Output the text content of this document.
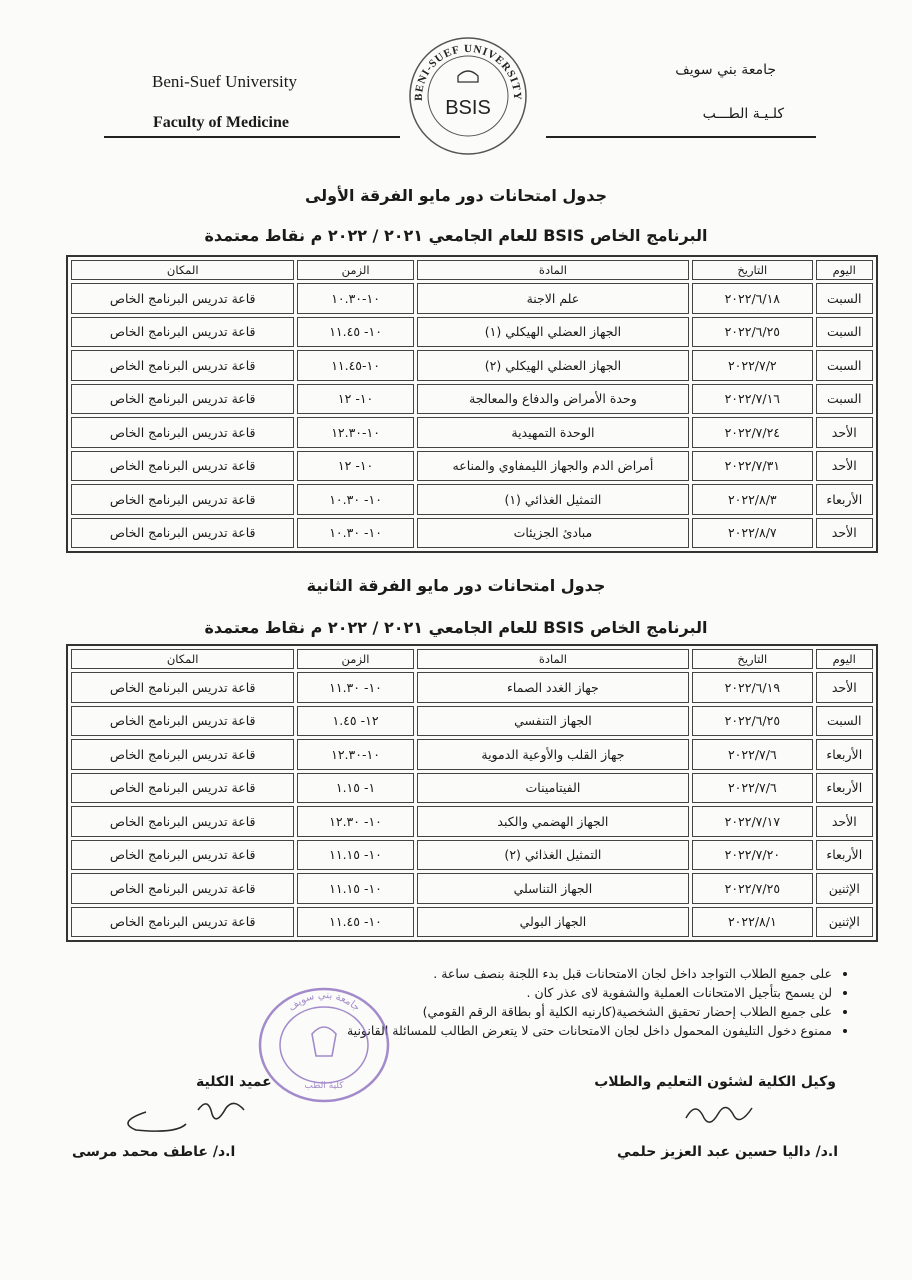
Beni-Suef University
Faculty of Medicine
جامعة بني سويف
كلـيـة الطـــب
BENI-SUEF UNIVERSITY
BSIS
جدول امتحانات دور مايو الفرقة الأولى
البرنامج الخاص BSIS للعام الجامعي ٢٠٢١ / ٢٠٢٢ م نقاط معتمدة
اليوم	التاريخ	المادة	الزمن	المكان
السبت	٢٠٢٢/٦/١٨	علم الاجنة	١٠-١٠.٣٠	قاعة تدريس البرنامج الخاص
السبت	٢٠٢٢/٦/٢٥	الجهاز العضلي الهيكلي (١)	١٠- ١١.٤٥	قاعة تدريس البرنامج الخاص
السبت	٢٠٢٢/٧/٢	الجهاز العضلي الهيكلي (٢)	١٠-١١.٤٥	قاعة تدريس البرنامج الخاص
السبت	٢٠٢٢/٧/١٦	وحدة الأمراض والدفاع والمعالجة	١٠- ١٢	قاعة تدريس البرنامج الخاص
الأحد	٢٠٢٢/٧/٢٤	الوحدة التمهيدية	١٠-١٢.٣٠	قاعة تدريس البرنامج الخاص
الأحد	٢٠٢٢/٧/٣١	أمراض الدم والجهاز الليمفاوي والمناعه	١٠- ١٢	قاعة تدريس البرنامج الخاص
الأربعاء	٢٠٢٢/٨/٣	التمثيل الغذائي (١)	١٠- ١٠.٣٠	قاعة تدريس البرنامج الخاص
الأحد	٢٠٢٢/٨/٧	مبادئ الجزيئات	١٠- ١٠.٣٠	قاعة تدريس البرنامج الخاص
جدول امتحانات دور مايو الفرقة الثانية
البرنامج الخاص BSIS للعام الجامعي ٢٠٢١ / ٢٠٢٢ م نقاط معتمدة
اليوم	التاريخ	المادة	الزمن	المكان
الأحد	٢٠٢٢/٦/١٩	جهاز الغدد الصماء	١٠- ١١.٣٠	قاعة تدريس البرنامج الخاص
السبت	٢٠٢٢/٦/٢٥	الجهاز التنفسي	١٢- ١.٤٥	قاعة تدريس البرنامج الخاص
الأربعاء	٢٠٢٢/٧/٦	جهاز القلب والأوعية الدموية	١٠-١٢.٣٠	قاعة تدريس البرنامج الخاص
الأربعاء	٢٠٢٢/٧/٦	الفيتامينات	١- ١.١٥	قاعة تدريس البرنامج الخاص
الأحد	٢٠٢٢/٧/١٧	الجهاز الهضمي والكبد	١٠- ١٢.٣٠	قاعة تدريس البرنامج الخاص
الأربعاء	٢٠٢٢/٧/٢٠	التمثيل الغذائي (٢)	١٠- ١١.١٥	قاعة تدريس البرنامج الخاص
الإثنين	٢٠٢٢/٧/٢٥	الجهاز التناسلي	١٠- ١١.١٥	قاعة تدريس البرنامج الخاص
الإثنين	٢٠٢٢/٨/١	الجهاز البولي	١٠- ١١.٤٥	قاعة تدريس البرنامج الخاص
• على جميع الطلاب التواجد داخل لجان الامتحانات قبل بدء اللجنة بنصف ساعة .
• لن يسمح بتأجيل الامتحانات العملية والشفوية لاى عذر كان .
• على جميع الطلاب إحضار تحقيق الشخصية(كارنيه الكلية أو بطاقة الرقم القومي)
• ممنوع دخول التليفون المحمول داخل لجان الامتحانات حتى لا يتعرض الطالب للمسائلة القانونية
جامعة بني سويف
كلية الطب	وكيل الكلية لشئون التعليم والطلاب
عميد الكلية
ا.د/ داليا حسين عبد العزيز حلمي
ا.د/ عاطف محمد مرسى
